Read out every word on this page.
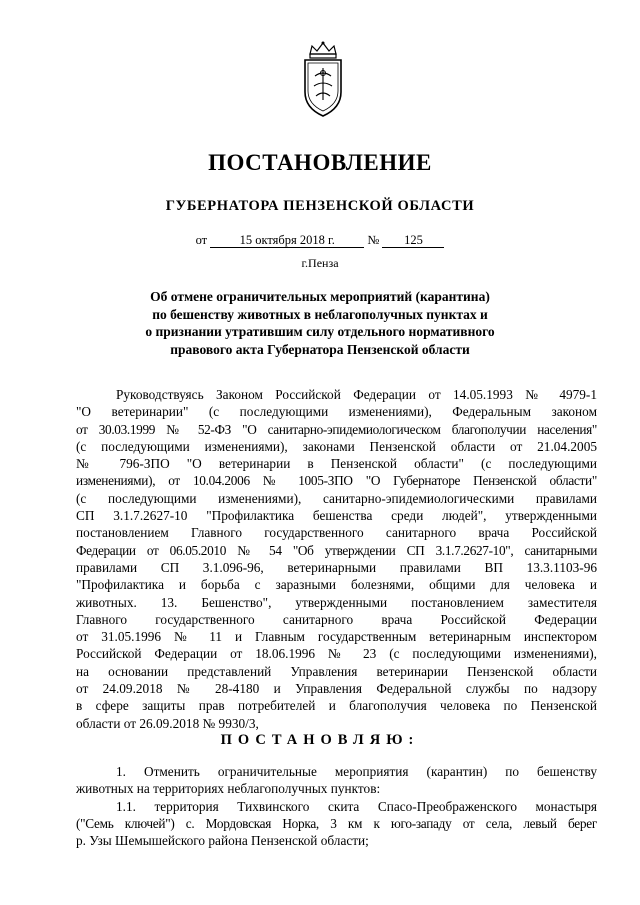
ПОСТАНОВЛЕНИЕ
ГУБЕРНАТОРА ПЕНЗЕНСКОЙ ОБЛАСТИ
от	15 октября 2018 г.	№ 125
г.Пенза
Об отмене ограничительных мероприятий (карантина)
по бешенству животных в неблагополучных пунктах и
о признании утратившим силу отдельного нормативного
правового акта Губернатора Пензенской области
Руководствуясь Законом Российской Федерации от 14.05.1993 № 4979-1
"О ветеринарии" (с последующими изменениями), Федеральным законом
от 30.03.1999 № 52-ФЗ "О санитарно-эпидемиологическом благополучии населения"
(с последующими изменениями), законами Пензенской области от 21.04.2005
№ 796-ЗПО "О ветеринарии в Пензенской области" (с последующими
изменениями), от 10.04.2006 № 1005-ЗПО "О Губернаторе Пензенской области"
(с последующими изменениями), санитарно-эпидемиологическими правилами
СП 3.1.7.2627-10 "Профилактика бешенства среди людей", утвержденными
постановлением Главного государственного санитарного врача Российской
Федерации от 06.05.2010 № 54 "Об утверждении СП 3.1.7.2627-10", санитарными
правилами СП 3.1.096-96, ветеринарными правилами ВП 13.3.1103-96
"Профилактика и борьба с заразными болезнями, общими для человека и
животных. 13. Бешенство", утвержденными постановлением заместителя
Главного государственного санитарного врача Российской Федерации
от 31.05.1996 № 11 и Главным государственным ветеринарным инспектором
Российской Федерации от 18.06.1996 № 23 (с последующими изменениями),
на основании представлений Управления ветеринарии Пензенской области
от 24.09.2018 № 28-4180 и Управления Федеральной службы по надзору
в сфере защиты прав потребителей и благополучия человека по Пензенской
области от 26.09.2018 № 9930/3,
ПОСТАНОВЛЯЮ:
1. Отменить ограничительные мероприятия (карантин) по бешенству
животных на территориях неблагополучных пунктов:
1.1. территория Тихвинского скита Спасо-Преображенского монастыря
("Семь ключей") с. Мордовская Норка, 3 км к юго-западу от села, левый берег
р. Узы Шемышейского района Пензенской области;
